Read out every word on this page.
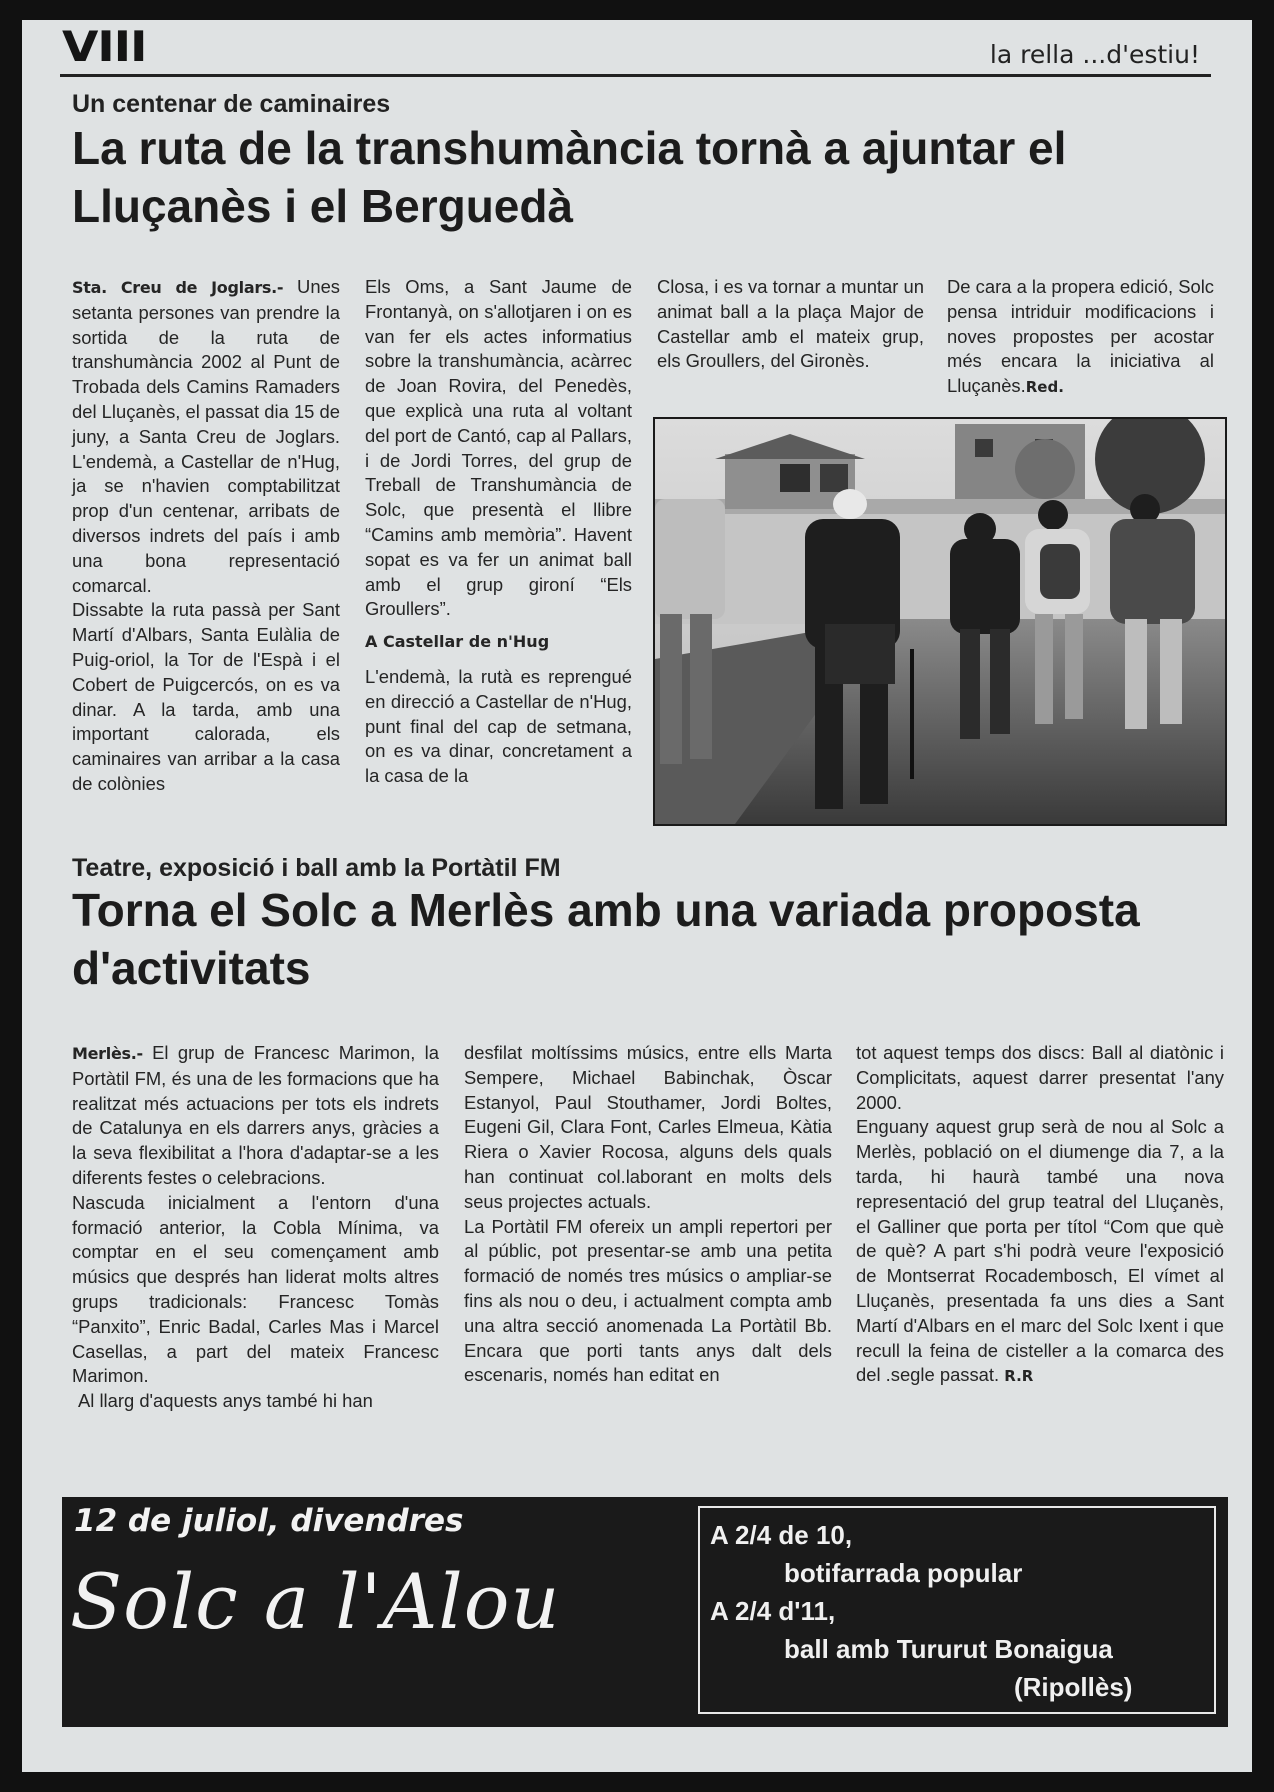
VIII	la rella ...d'estiu!
Un centenar de caminaires
La ruta de la transhumància tornà a ajuntar el Lluçanès i el Berguedà

Sta. Creu de Joglars.- Unes setanta persones van prendre la sortida de la ruta de transhumància 2002 al Punt de Trobada dels Camins Ramaders del Lluçanès, el passat dia 15 de juny, a Santa Creu de Joglars. L'endemà, a Castellar de n'Hug, ja se n'havien comptabilitzat prop d'un centenar, arribats de diversos indrets del país i amb una bona representació comarcal.

Dissabte la ruta passà per Sant Martí d'Albars, Santa Eulàlia de Puig-oriol, la Tor de l'Espà i el Cobert de Puigcercós, on es va dinar. A la tarda, amb una important calorada, els caminaires van arribar a la casa de colònies

Els Oms, a Sant Jaume de Frontanyà, on s'allotjaren i on es van fer els actes informatius sobre la transhumància, acàrrec de Joan Rovira, del Penedès, que explicà una ruta al voltant del port de Cantó, cap al Pallars, i de Jordi Torres, del grup de Treball de Transhumància de Solc, que presentà el llibre “Camins amb memòria”. Havent sopat es va fer un animat ball amb el grup gironí “Els Groullers”.

A Castellar de n'Hug

L'endemà, la rutà es reprengué en direcció a Castellar de n'Hug, punt final del cap de setmana, on es va dinar, concretament a la casa de la

Closa, i es va tornar a muntar un animat ball a la plaça Major de Castellar amb el mateix grup, els Groullers, del Gironès.

De cara a la propera edició, Solc pensa intriduir modificacions i noves propostes per acostar més encara la iniciativa al Lluçanès.Red.

Teatre, exposició i ball amb la Portàtil FM
Torna el Solc a Merlès amb una variada proposta d'activitats

Merlès.- El grup de Francesc Marimon, la Portàtil FM, és una de les formacions que ha realitzat més actuacions per tots els indrets de Catalunya en els darrers anys, gràcies a la seva flexibilitat a l'hora d'adaptar-se a les diferents festes o celebracions.

Nascuda inicialment a l'entorn d'una formació anterior, la Cobla Mínima, va comptar en el seu començament amb músics que després han liderat molts altres grups tradicionals: Francesc Tomàs “Panxito”, Enric Badal, Carles Mas i Marcel Casellas, a part del mateix Francesc Marimon.

Al llarg d'aquests anys també hi han

desfilat moltíssims músics, entre ells Marta Sempere, Michael Babinchak, Òscar Estanyol, Paul Stouthamer, Jordi Boltes, Eugeni Gil, Clara Font, Carles Elmeua, Kàtia Riera o Xavier Rocosa, alguns dels quals han continuat col.laborant en molts dels seus projectes actuals.

La Portàtil FM ofereix un ampli repertori per al públic, pot presentar-se amb una petita formació de només tres músics o ampliar-se fins als nou o deu, i actualment compta amb una altra secció anomenada La Portàtil Bb. Encara que porti tants anys dalt dels escenaris, només han editat en

tot aquest temps dos discs: Ball al diatònic i Complicitats, aquest darrer presentat l'any 2000.

Enguany aquest grup serà de nou al Solc a Merlès, població on el diumenge dia 7, a la tarda, hi haurà també una nova representació del grup teatral del Lluçanès, el Galliner que porta per títol “Com que què de què? A part s'hi podrà veure l'exposició de Montserrat Rocadembosch, El vímet al Lluçanès, presentada fa uns dies a Sant Martí d'Albars en el marc del Solc Ixent i que recull la feina de cisteller a la comarca des del .segle passat. R.R

12 de juliol, divendres
Solc a l'Alou
A 2/4 de 10,
botifarrada popular
A 2/4 d'11,
ball amb Tururut Bonaigua
(Ripollès)
